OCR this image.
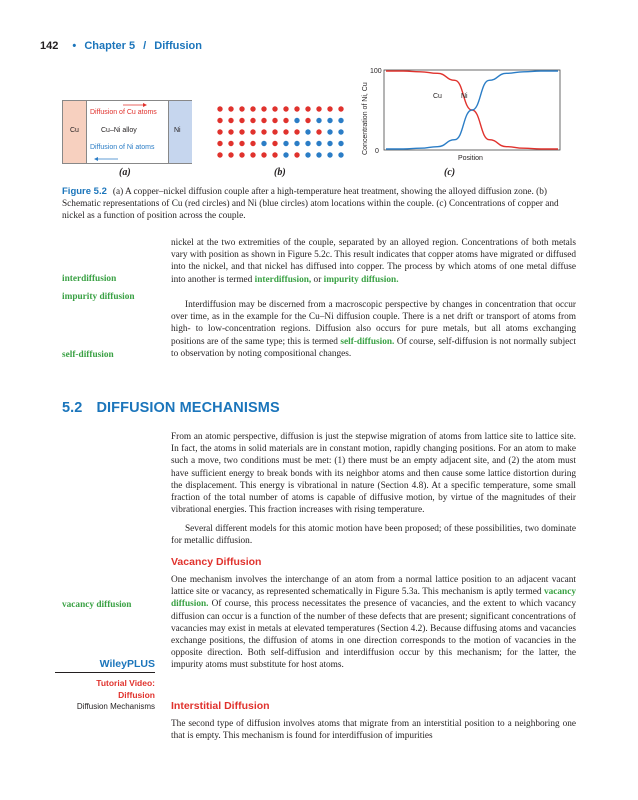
142 • Chapter 5 / Diffusion
Cu	Cu–Ni alloy	Ni
Diffusion of Cu atoms
Diffusion of Ni atoms
(a)	(b)
Concentration of Ni, Cu
100
0
Position
Cu	Ni
(c)
Figure 5.2 (a) A copper–nickel diffusion couple after a high-temperature heat treatment, showing the alloyed diffusion zone. (b) Schematic representations of Cu (red circles) and Ni (blue circles) atom locations within the couple. (c) Concentrations of copper and nickel as a function of position across the couple.
nickel at the two extremities of the couple, separated by an alloyed region. Concentrations of both metals vary with position as shown in Figure 5.2c. This result indicates that copper atoms have migrated or diffused into the nickel, and that nickel has diffused into copper. The process by which atoms of one metal diffuse into another is termed interdiffusion, or impurity diffusion.
interdiffusion
impurity diffusion
Interdiffusion may be discerned from a macroscopic perspective by changes in concentration that occur over time, as in the example for the Cu–Ni diffusion couple. There is a net drift or transport of atoms from high- to low-concentration regions. Diffusion also occurs for pure metals, but all atoms exchanging positions are of the same type; this is termed self-diffusion. Of course, self-diffusion is not normally subject to observation by noting compositional changes.
self-diffusion
5.2 DIFFUSION MECHANISMS
From an atomic perspective, diffusion is just the stepwise migration of atoms from lattice site to lattice site. In fact, the atoms in solid materials are in constant motion, rapidly changing positions. For an atom to make such a move, two conditions must be met: (1) there must be an empty adjacent site, and (2) the atom must have sufficient energy to break bonds with its neighbor atoms and then cause some lattice distortion during the displacement. This energy is vibrational in nature (Section 4.8). At a specific temperature, some small fraction of the total number of atoms is capable of diffusive motion, by virtue of the magnitudes of their vibrational energies. This fraction increases with rising temperature.
Several different models for this atomic motion have been proposed; of these possibilities, two dominate for metallic diffusion.
Vacancy Diffusion
One mechanism involves the interchange of an atom from a normal lattice position to an adjacent vacant lattice site or vacancy, as represented schematically in Figure 5.3a. This mechanism is aptly termed vacancy diffusion. Of course, this process necessitates the presence of vacancies, and the extent to which vacancy diffusion can occur is a function of the number of these defects that are present; significant concentrations of vacancies may exist in metals at elevated temperatures (Section 4.2). Because diffusing atoms and vacancies exchange positions, the diffusion of atoms in one direction corresponds to the motion of vacancies in the opposite direction. Both self-diffusion and interdiffusion occur by this mechanism; for the latter, the impurity atoms must substitute for host atoms.
vacancy diffusion
WileyPLUS
Tutorial Video:
Diffusion
Diffusion Mechanisms Interstitial Diffusion
The second type of diffusion involves atoms that migrate from an interstitial position to a neighboring one that is empty. This mechanism is found for interdiffusion of impurities
